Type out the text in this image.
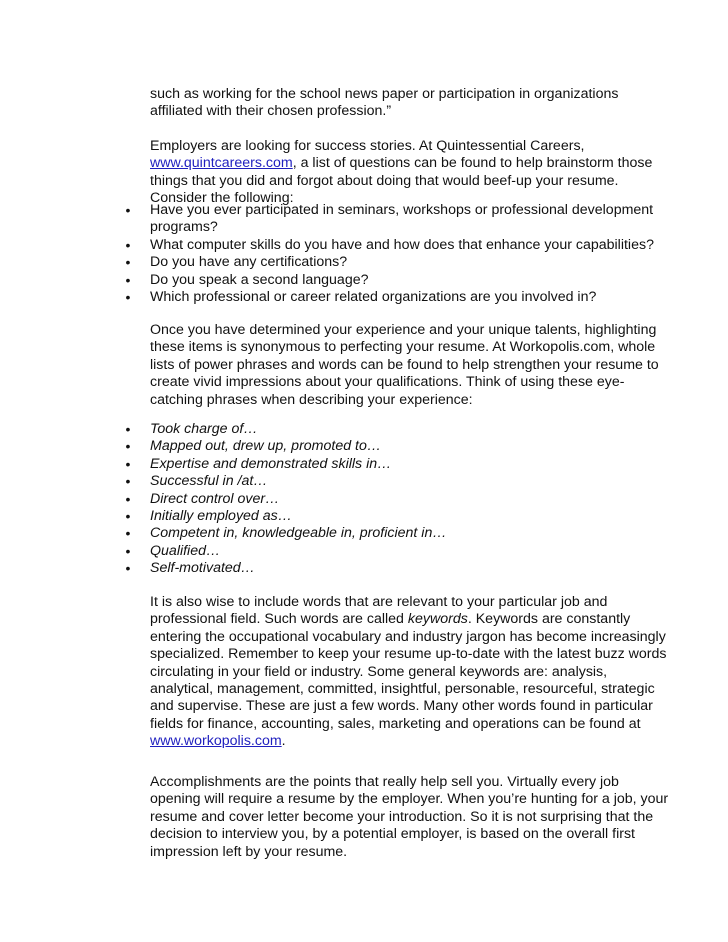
such as working for the school news paper or participation in organizations affiliated with their chosen profession.”

Employers are looking for success stories. At Quintessential Careers, www.quintcareers.com, a list of questions can be found to help brainstorm those things that you did and forgot about doing that would beef-up your resume. Consider the following:

•	Have you ever participated in seminars, workshops or professional development programs?
•	What computer skills do you have and how does that enhance your capabilities?
•	Do you have any certifications?
•	Do you speak a second language?
•	Which professional or career related organizations are you involved in?

Once you have determined your experience and your unique talents, highlighting these items is synonymous to perfecting your resume. At Workopolis.com, whole lists of power phrases and words can be found to help strengthen your resume to create vivid impressions about your qualifications. Think of using these eye-catching phrases when describing your experience:

•	Took charge of…
•	Mapped out, drew up, promoted to…
•	Expertise and demonstrated skills in…
•	Successful in /at…
•	Direct control over…
•	Initially employed as…
•	Competent in, knowledgeable in, proficient in…
•	Qualified…
•	Self-motivated…

It is also wise to include words that are relevant to your particular job and professional field. Such words are called keywords. Keywords are constantly entering the occupational vocabulary and industry jargon has become increasingly specialized. Remember to keep your resume up-to-date with the latest buzz words circulating in your field or industry. Some general keywords are: analysis, analytical, management, committed, insightful, personable, resourceful, strategic and supervise. These are just a few words. Many other words found in particular fields for finance, accounting, sales, marketing and operations can be found at www.workopolis.com.

Accomplishments are the points that really help sell you. Virtually every job opening will require a resume by the employer. When you’re hunting for a job, your resume and cover letter become your introduction. So it is not surprising that the decision to interview you, by a potential employer, is based on the overall first impression left by your resume.
